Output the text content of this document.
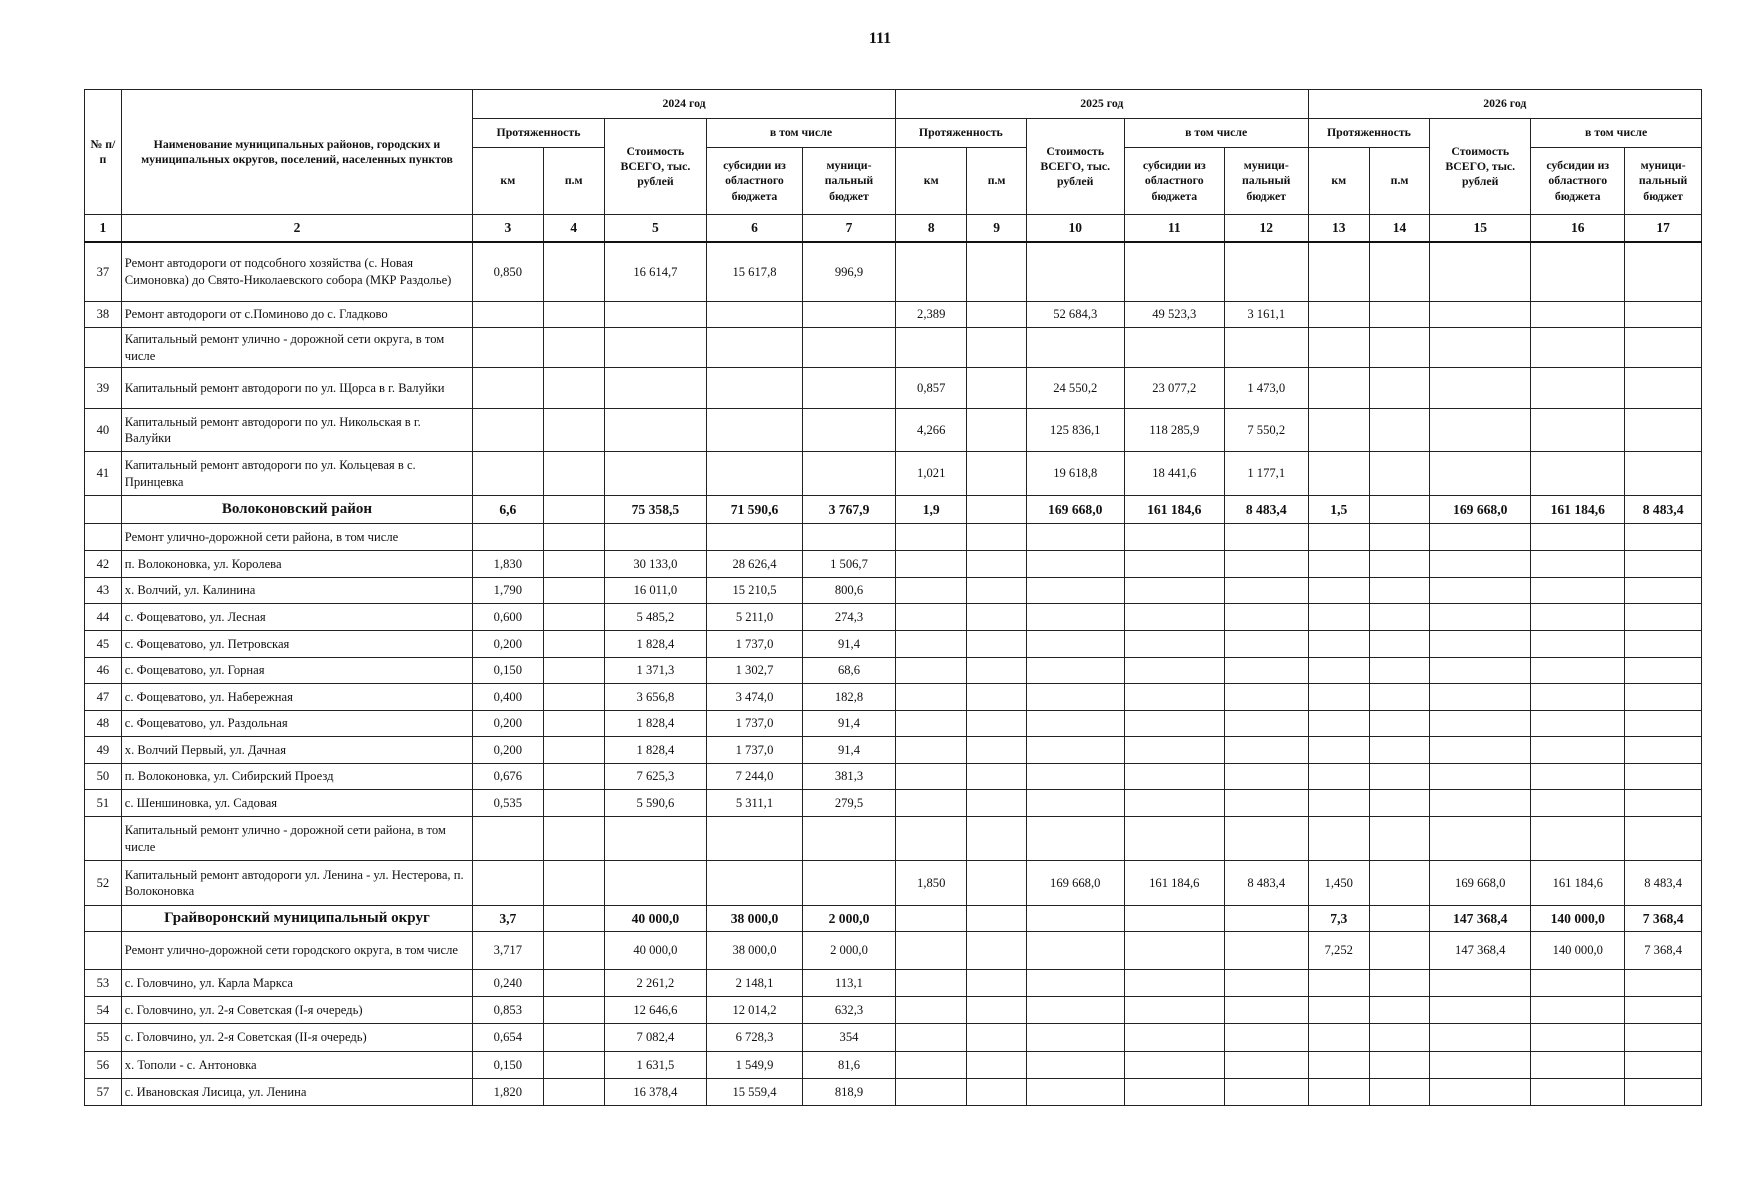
111
№ п/п	Наименование муниципальных районов, городских и муниципальных округов, поселений, населенных пунктов	2024 год					2025 год					2026 год				
		Протяженность		Стоимость ВСЕГО, тыс. рублей	в том числе		Протяженность		Стоимость ВСЕГО, тыс. рублей	в том числе		Протяженность		Стоимость ВСЕГО, тыс. рублей	в том числе	
		км	п.м		субсидии из областного бюджета	муници-пальный бюджет	км	п.м		субсидии из областного бюджета	муници-пальный бюджет	км	п.м		субсидии из областного бюджета	муници-пальный бюджет
1	2	3	4	5	6	7	8	9	10	11	12	13	14	15	16	17
37	Ремонт автодороги от подсобного хозяйства (с. Новая Симоновка) до Свято-Николаевского собора (МКР Раздолье)	0,850		16 614,7	15 617,8	996,9										
38	Ремонт автодороги от с.Поминово до с. Гладково						2,389		52 684,3	49 523,3	3 161,1					
	Капитальный ремонт улично - дорожной сети округа, в том числе															
39	Капитальный ремонт автодороги по ул. Щорса в г. Валуйки						0,857		24 550,2	23 077,2	1 473,0					
40	Капитальный ремонт автодороги по ул. Никольская в г. Валуйки						4,266		125 836,1	118 285,9	7 550,2					
41	Капитальный ремонт автодороги по ул. Кольцевая в с. Принцевка						1,021		19 618,8	18 441,6	1 177,1					
	Волоконовский район	6,6		75 358,5	71 590,6	3 767,9	1,9		169 668,0	161 184,6	8 483,4	1,5		169 668,0	161 184,6	8 483,4
	Ремонт улично-дорожной сети района, в том числе															
42	п. Волоконовка, ул. Королева	1,830		30 133,0	28 626,4	1 506,7										
43	х. Волчий, ул. Калинина	1,790		16 011,0	15 210,5	800,6										
44	с. Фощеватово, ул. Лесная	0,600		5 485,2	5 211,0	274,3										
45	с. Фощеватово, ул. Петровская	0,200		1 828,4	1 737,0	91,4										
46	с. Фощеватово, ул. Горная	0,150		1 371,3	1 302,7	68,6										
47	с. Фощеватово, ул. Набережная	0,400		3 656,8	3 474,0	182,8										
48	с. Фощеватово, ул. Раздольная	0,200		1 828,4	1 737,0	91,4										
49	х. Волчий Первый, ул. Дачная	0,200		1 828,4	1 737,0	91,4										
50	п. Волоконовка, ул. Сибирский Проезд	0,676		7 625,3	7 244,0	381,3										
51	с. Шеншиновка, ул. Садовая	0,535		5 590,6	5 311,1	279,5										
	Капитальный ремонт улично - дорожной сети района, в том числе															
52	Капитальный ремонт автодороги ул. Ленина - ул. Нестерова, п. Волоконовка						1,850		169 668,0	161 184,6	8 483,4	1,450		169 668,0	161 184,6	8 483,4
	Грайворонский муниципальный округ	3,7		40 000,0	38 000,0	2 000,0						7,3		147 368,4	140 000,0	7 368,4
	Ремонт улично-дорожной сети городского округа, в том числе	3,717		40 000,0	38 000,0	2 000,0						7,252		147 368,4	140 000,0	7 368,4
53	с. Головчино, ул. Карла Маркса	0,240		2 261,2	2 148,1	113,1										
54	с. Головчино, ул. 2-я Советская (I-я очередь)	0,853		12 646,6	12 014,2	632,3										
55	с. Головчино, ул. 2-я Советская (II-я очередь)	0,654		7 082,4	6 728,3	354										
56	х. Тополи - с. Антоновка	0,150		1 631,5	1 549,9	81,6										
57	с. Ивановская Лисица, ул. Ленина	1,820		16 378,4	15 559,4	818,9										
